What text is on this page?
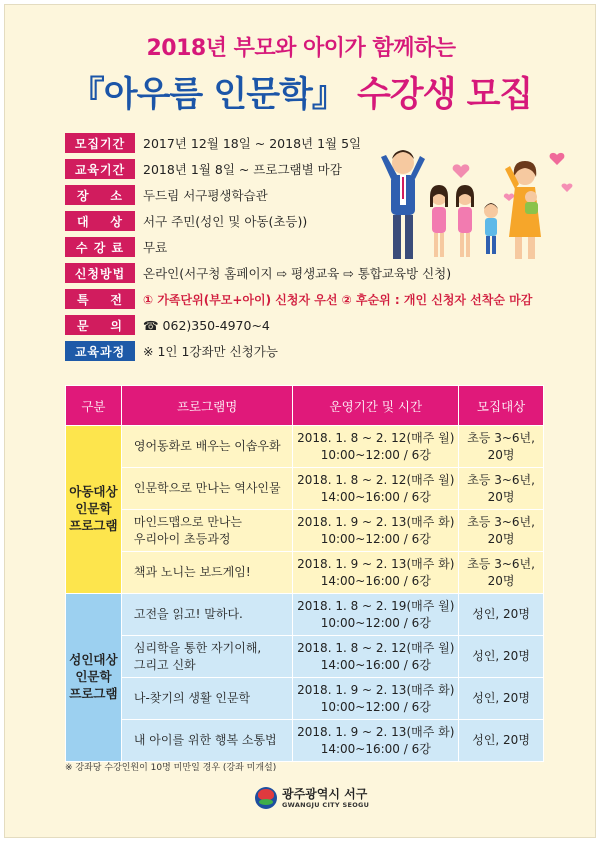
2018년 부모와 아이가 함께하는
『아우름 인문학』 수강생 모집
모집기간	2017년 12월 18일 ~ 2018년 1월 5일
교육기간	2018년 1월 8일 ~ 프로그램별 마감
장    소	두드림 서구평생학습관
대    상	서구 주민(성인 및 아동(초등))
수 강 료	무료
신청방법	온라인(서구청 홈페이지 ⇨ 평생교육 ⇨ 통합교육방 신청)
특    전	① 가족단위(부모+아이) 신청자 우선 ② 후순위 : 개인 신청자 선착순 마감
문    의	☎ 062)350-4970~4
교육과정	※ 1인 1강좌만 신청가능
구분	프로그램명	운영기간 및 시간	모집대상
아동대상
인문학
프로그램	영어동화로 배우는 이솝우화	2018. 1. 8 ~ 2. 12(매주 월)
10:00~12:00 / 6강	초등 3~6년,
20명
	인문학으로 만나는 역사인물	2018. 1. 8 ~ 2. 12(매주 월)
14:00~16:00 / 6강	초등 3~6년,
20명
	마인드맵으로 만나는
우리아이 초등과정	2018. 1. 9 ~ 2. 13(매주 화)
10:00~12:00 / 6강	초등 3~6년,
20명
	책과 노니는 보드게임!	2018. 1. 9 ~ 2. 13(매주 화)
14:00~16:00 / 6강	초등 3~6년,
20명
성인대상
인문학
프로그램	고전을 읽고! 말하다.	2018. 1. 8 ~ 2. 19(매주 월)
10:00~12:00 / 6강	성인, 20명
	심리학을 통한 자기이해,
그리고 신화	2018. 1. 8 ~ 2. 12(매주 월)
14:00~16:00 / 6강	성인, 20명
	나-찾기의 생활 인문학	2018. 1. 9 ~ 2. 13(매주 화)
10:00~12:00 / 6강	성인, 20명
	내 아이를 위한 행복 소통법	2018. 1. 9 ~ 2. 13(매주 화)
14:00~16:00 / 6강	성인, 20명
※ 강좌당 수강인원이 10명 미만일 경우 (강좌 미개설)
광주광역시 서구
GWANGJU CITY SEOGU
